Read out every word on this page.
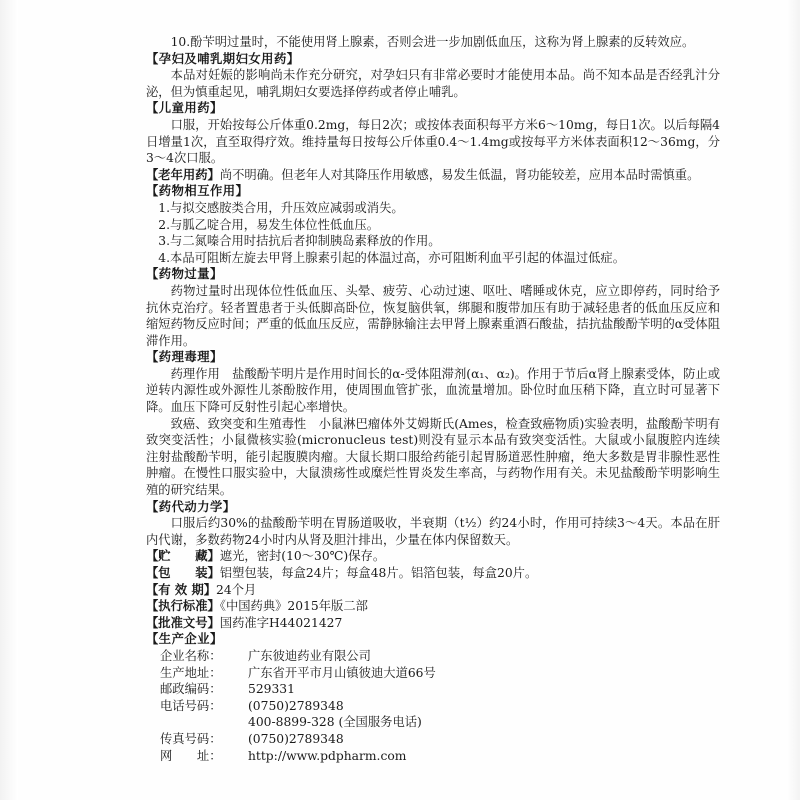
10.酚苄明过量时，不能使用肾上腺素，否则会进一步加剧低血压，这称为肾上腺素的反转效应。

【孕妇及哺乳期妇女用药】

本品对妊娠的影响尚未作充分研究，对孕妇只有非常必要时才能使用本品。尚不知本品是否经乳汁分泌，但为慎重起见，哺乳期妇女要选择停药或者停止哺乳。

【儿童用药】

口服，开始按每公斤体重0.2mg，每日2次；或按体表面积每平方米6～10mg，每日1次。以后每隔4日增量1次，直至取得疗效。维持量每日按每公斤体重0.4～1.4mg或按每平方米体表面积12～36mg，分3～4次口服。

【老年用药】尚不明确。但老年人对其降压作用敏感，易发生低温，肾功能较差，应用本品时需慎重。

【药物相互作用】

1.与拟交感胺类合用，升压效应减弱或消失。

2.与胍乙啶合用，易发生体位性低血压。

3.与二氮嗪合用时拮抗后者抑制胰岛素释放的作用。

4.本品可阻断左旋去甲肾上腺素引起的体温过高，亦可阻断利血平引起的体温过低症。

【药物过量】

药物过量时出现体位性低血压、头晕、疲劳、心动过速、呕吐、嗜睡或休克，应立即停药，同时给予抗休克治疗。轻者置患者于头低脚高卧位，恢复脑供氧，绑腿和腹带加压有助于减轻患者的低血压反应和缩短药物反应时间；严重的低血压反应，需静脉输注去甲肾上腺素重酒石酸盐，拮抗盐酸酚苄明的α受体阻滞作用。

【药理毒理】

药理作用　盐酸酚苄明片是作用时间长的α-受体阻滞剂(α₁、α₂)。作用于节后α肾上腺素受体，防止或逆转内源性或外源性儿茶酚胺作用，使周围血管扩张，血流量增加。卧位时血压稍下降，直立时可显著下降。血压下降可反射性引起心率增快。

致癌、致突变和生殖毒性　小鼠淋巴瘤体外艾姆斯氏(Ames，检查致癌物质)实验表明，盐酸酚苄明有致突变活性；小鼠微核实验(micronucleus test)则没有显示本品有致突变活性。大鼠或小鼠腹腔内连续注射盐酸酚苄明，能引起腹膜肉瘤。大鼠长期口服给药能引起胃肠道恶性肿瘤，绝大多数是胃非腺性恶性肿瘤。在慢性口服实验中，大鼠溃疡性或糜烂性胃炎发生率高，与药物作用有关。未见盐酸酚苄明影响生殖的研究结果。

【药代动力学】

口服后约30%的盐酸酚苄明在胃肠道吸收，半衰期（t½）约24小时，作用可持续3～4天。本品在肝内代谢，多数药物24小时内从肾及胆汁排出，少量在体内保留数天。

【贮　　藏】遮光，密封(10～30℃)保存。

【包　　装】铝塑包装，每盒24片；每盒48片。铝箔包装，每盒20片。

【有 效 期】24个月

【执行标准】《中国药典》2015年版二部

【批准文号】国药准字H44021427

【生产企业】
企业名称：	广东彼迪药业有限公司
生产地址：	广东省开平市月山镇彼迪大道66号
邮政编码：	529331
电话号码：	(0750)2789348
400-8899-328 (全国服务电话)
传真号码：	(0750)2789348
网　　址：	http://www.pdpharm.com
